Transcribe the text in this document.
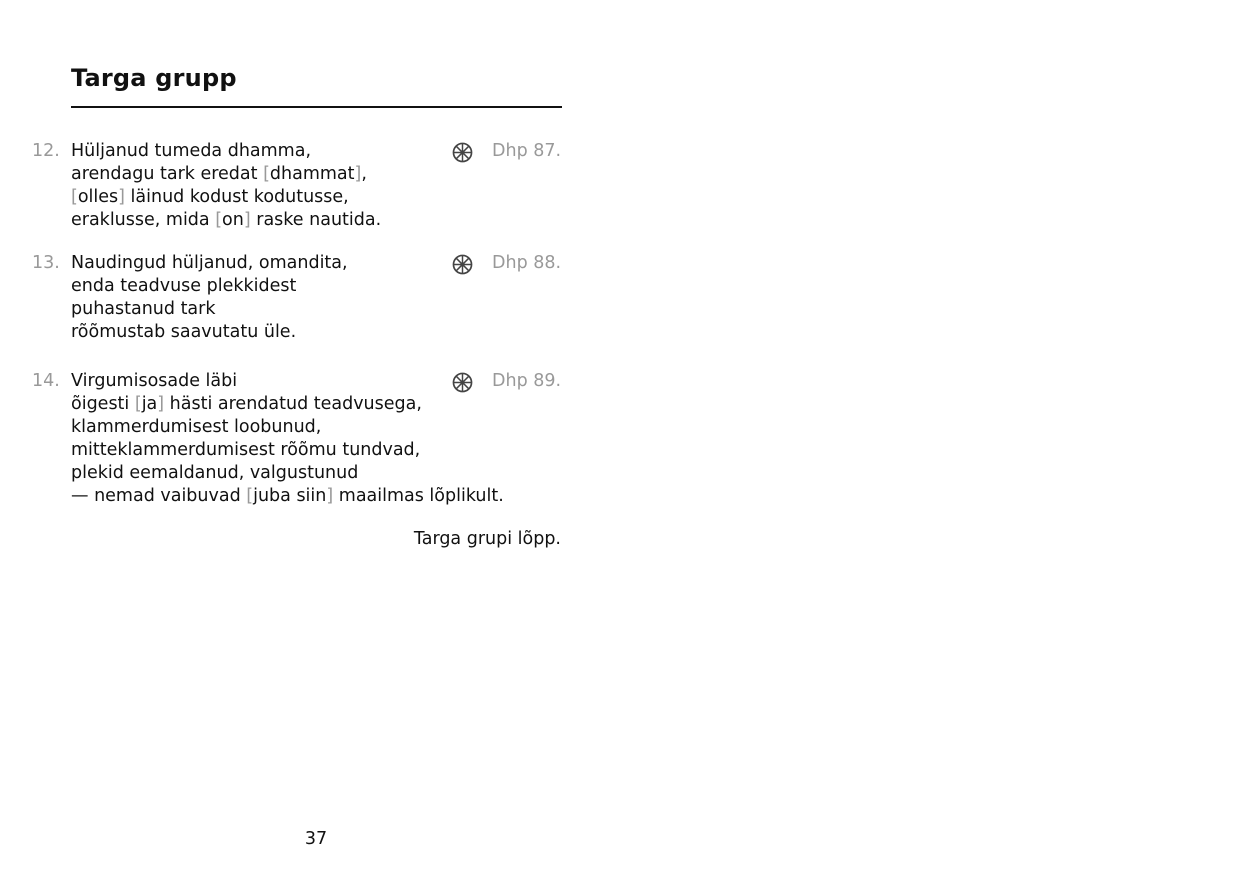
Targa grupp
12. Hüljanud tumeda dhamma,
arendagu tark eredat [dhammat],
[olles] läinud kodust kodutusse,
eraklusse, mida [on] raske nautida.
Dhp 87.
13. Naudingud hüljanud, omandita,
enda teadvuse plekkidest
puhastanud tark
rõõmustab saavutatu üle.
Dhp 88.
14. Virgumisosade läbi
õigesti [ja] hästi arendatud teadvusega,
klammerdumisest loobunud,
mitteklammerdumisest rõõmu tundvad,
plekid eemaldanud, valgustunud
— nemad vaibuvad [juba siin] maailmas lõplikult.
Dhp 89.
Targa grupi lõpp.
37
